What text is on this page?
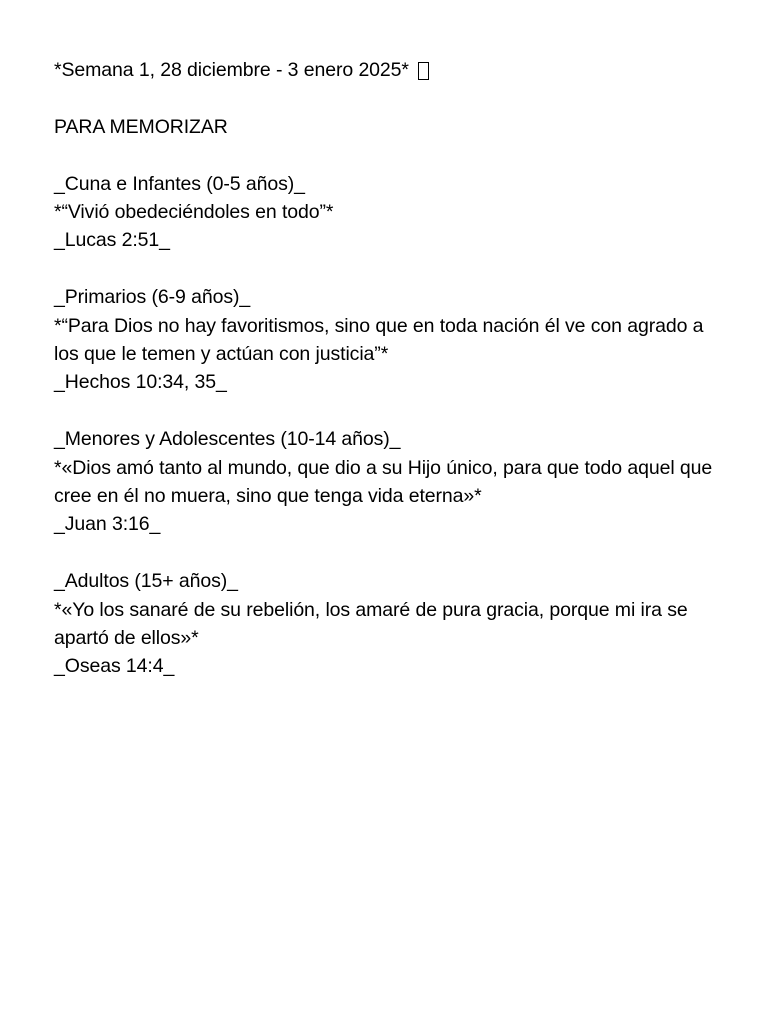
*Semana 1, 28 diciembre - 3 enero 2025*
PARA MEMORIZAR
_Cuna e Infantes (0-5 años)_
*“Vivió obedeciéndoles en todo”*
_Lucas 2:51_
_Primarios (6-9 años)_
*“Para Dios no hay favoritismos, sino que en toda nación él ve con agrado a los que le temen y actúan con justicia”*
_Hechos 10:34, 35_
_Menores y Adolescentes (10-14 años)_
*«Dios amó tanto al mundo, que dio a su Hijo único, para que todo aquel que cree en él no muera, sino que tenga vida eterna»*
_Juan 3:16_
_Adultos (15+ años)_
*«Yo los sanaré de su rebelión, los amaré de pura gracia, porque mi ira se apartó de ellos»*
_Oseas 14:4_
